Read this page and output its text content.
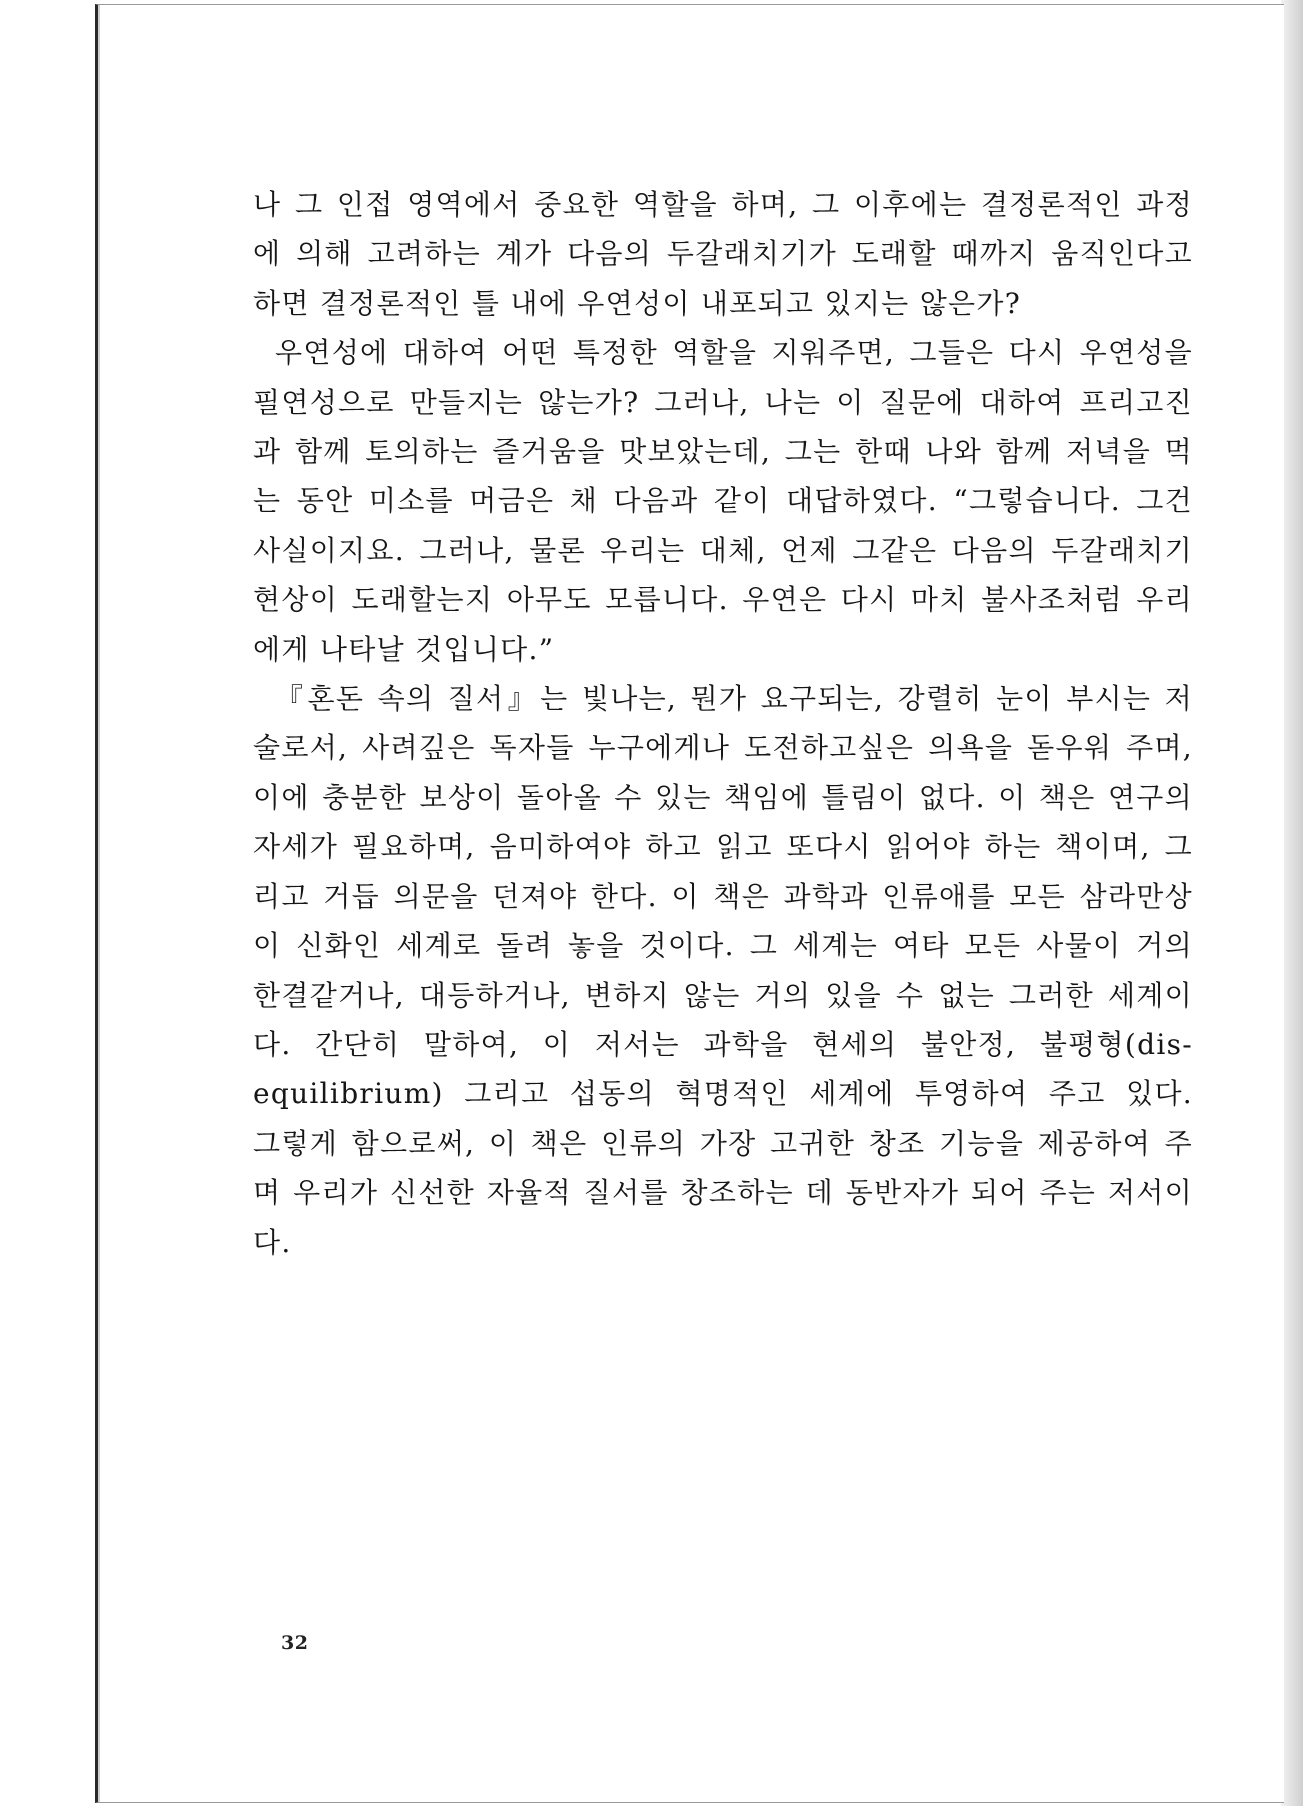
나 그 인접 영역에서 중요한 역할을 하며, 그 이후에는 결정론적인 과정
에 의해 고려하는 계가 다음의 두갈래치기가 도래할 때까지 움직인다고
하면 결정론적인 틀 내에 우연성이 내포되고 있지는 않은가?
우연성에 대하여 어떤 특정한 역할을 지워주면, 그들은 다시 우연성을
필연성으로 만들지는 않는가? 그러나, 나는 이 질문에 대하여 프리고진
과 함께 토의하는 즐거움을 맛보았는데, 그는 한때 나와 함께 저녁을 먹
는 동안 미소를 머금은 채 다음과 같이 대답하였다. “그렇습니다. 그건
사실이지요. 그러나, 물론 우리는 대체, 언제 그같은 다음의 두갈래치기
현상이 도래할는지 아무도 모릅니다. 우연은 다시 마치 불사조처럼 우리
에게 나타날 것입니다.”
『혼돈 속의 질서』는 빛나는, 뭔가 요구되는, 강렬히 눈이 부시는 저
술로서, 사려깊은 독자들 누구에게나 도전하고싶은 의욕을 돋우워 주며,
이에 충분한 보상이 돌아올 수 있는 책임에 틀림이 없다. 이 책은 연구의
자세가 필요하며, 음미하여야 하고 읽고 또다시 읽어야 하는 책이며, 그
리고 거듭 의문을 던져야 한다. 이 책은 과학과 인류애를 모든 삼라만상
이 신화인 세계로 돌려 놓을 것이다. 그 세계는 여타 모든 사물이 거의
한결같거나, 대등하거나, 변하지 않는 거의 있을 수 없는 그러한 세계이
다. 간단히 말하여, 이 저서는 과학을 현세의 불안정, 불평형(dis-
equilibrium) 그리고 섭동의 혁명적인 세계에 투영하여 주고 있다.
그렇게 함으로써, 이 책은 인류의 가장 고귀한 창조 기능을 제공하여 주
며 우리가 신선한 자율적 질서를 창조하는 데 동반자가 되어 주는 저서이
다.
32
